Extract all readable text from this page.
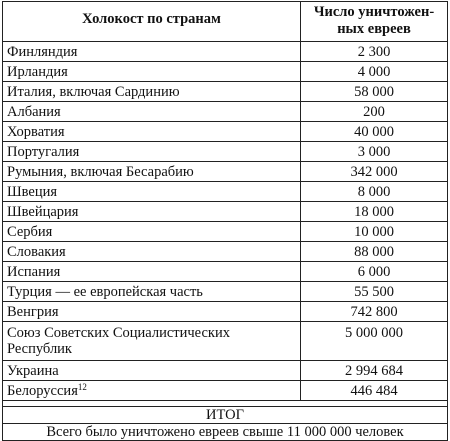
Холокост по странам	Число уничтожен-
ных евреев
Финляндия	2 300
Ирландия	4 000
Италия, включая Сардинию	58 000
Албания	200
Хорватия	40 000
Португалия	3 000
Румыния, включая Бесарабию	342 000
Швеция	8 000
Швейцария	18 000
Сербия	10 000
Словакия	88 000
Испания	6 000
Турция — ее европейская часть	55 500
Венгрия	742 800
Союз Советских Социалистических
Республик	5 000 000
Украина	2 994 684
Белоруссия$^{12}$	446 484

ИТОГ	
Всего было уничтожено евреев свыше 11 000 000 человек	
